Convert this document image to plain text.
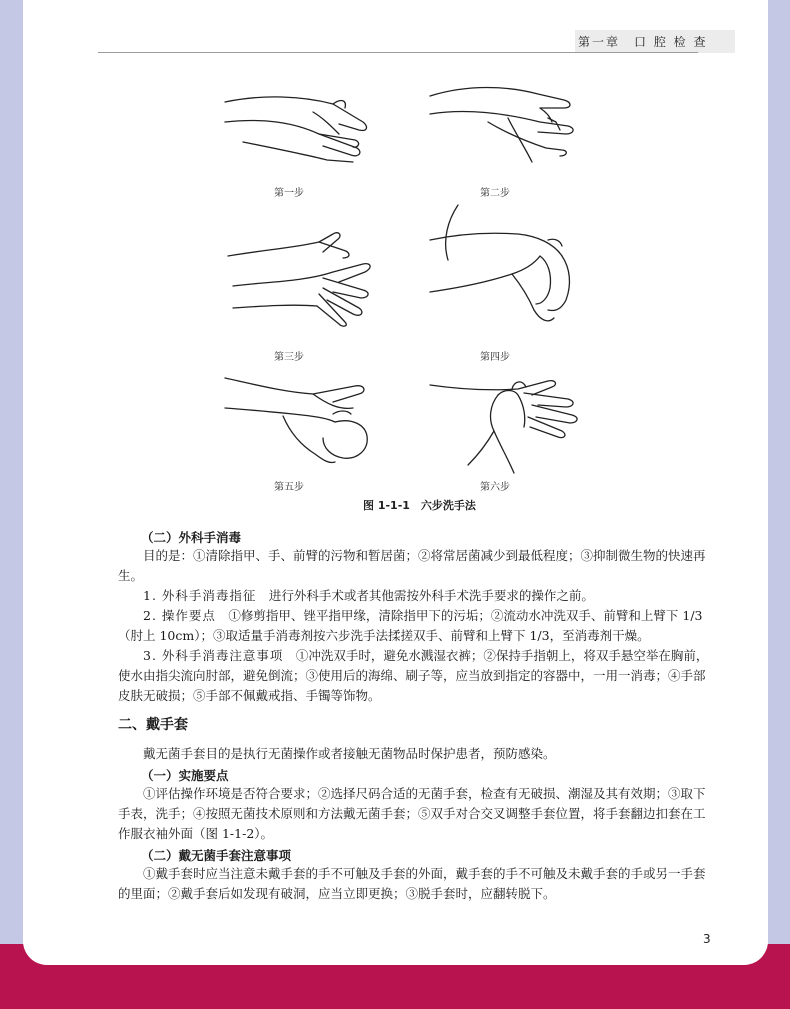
第一章　口 腔 检 查
第一步	第二步
第三步	第四步
第五步	第六步
图 1-1-1　六步洗手法
（二）外科手消毒
目的是：①清除指甲、手、前臂的污物和暂居菌；②将常居菌减少到最低程度；③抑制微生物的快速再生。
1. 外科手消毒指征　进行外科手术或者其他需按外科手术洗手要求的操作之前。
2. 操作要点　①修剪指甲、锉平指甲缘，清除指甲下的污垢；②流动水冲洗双手、前臂和上臂下 1/3（肘上 10cm）；③取适量手消毒剂按六步洗手法揉搓双手、前臂和上臂下 1/3，至消毒剂干燥。
3. 外科手消毒注意事项　①冲洗双手时，避免水溅湿衣裤；②保持手指朝上，将双手悬空举在胸前，使水由指尖流向肘部，避免倒流；③使用后的海绵、刷子等，应当放到指定的容器中，一用一消毒；④手部皮肤无破损；⑤手部不佩戴戒指、手镯等饰物。
二、戴手套
戴无菌手套目的是执行无菌操作或者接触无菌物品时保护患者，预防感染。
（一）实施要点
①评估操作环境是否符合要求；②选择尺码合适的无菌手套，检查有无破损、潮湿及其有效期；③取下手表，洗手；④按照无菌技术原则和方法戴无菌手套；⑤双手对合交叉调整手套位置，将手套翻边扣套在工作服衣袖外面（图 1-1-2）。
（二）戴无菌手套注意事项
①戴手套时应当注意未戴手套的手不可触及手套的外面，戴手套的手不可触及未戴手套的手或另一手套的里面；②戴手套后如发现有破洞，应当立即更换；③脱手套时，应翻转脱下。
3
